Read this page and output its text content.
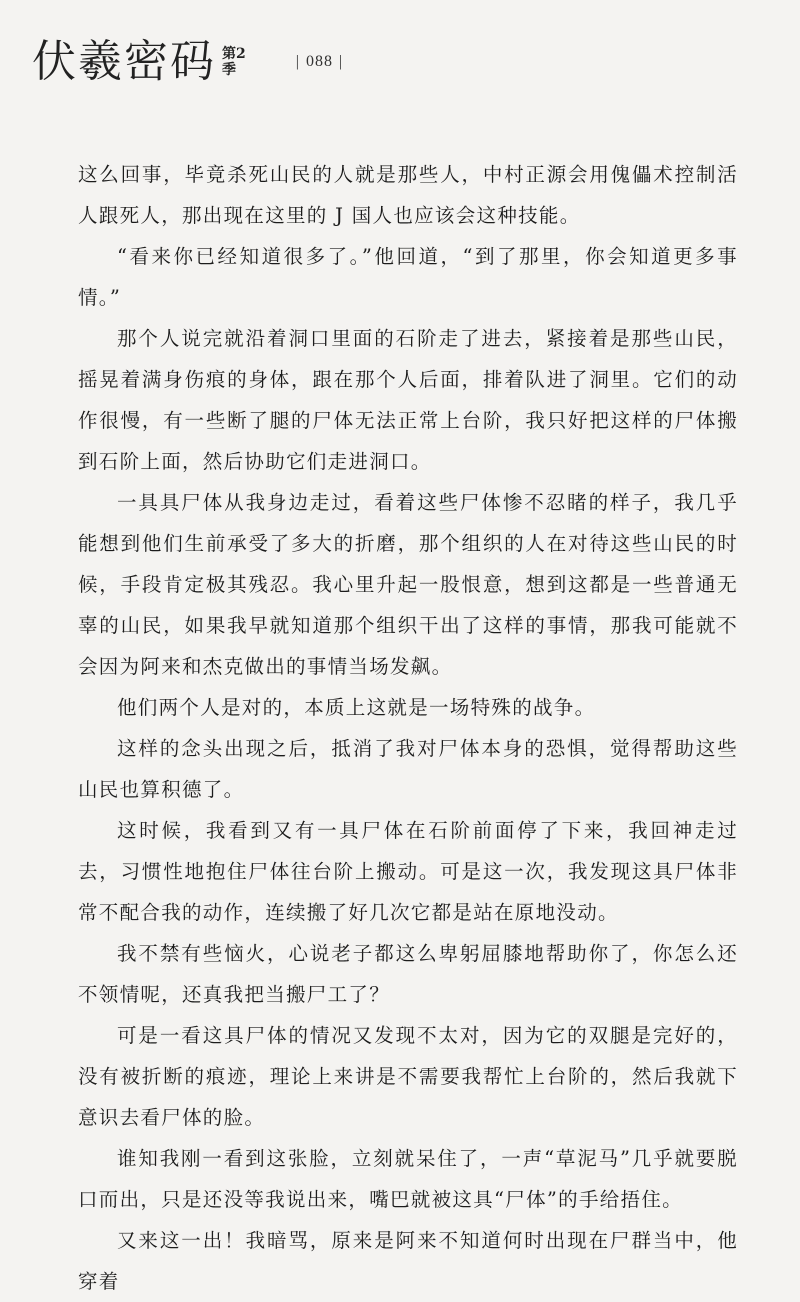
伏羲密码 第2
季	| 088 |

这么回事，毕竟杀死山民的人就是那些人，中村正源会用傀儡术控制活人跟死人，那出现在这里的 J 国人也应该会这种技能。

“看来你已经知道很多了。”他回道，“到了那里，你会知道更多事情。”

那个人说完就沿着洞口里面的石阶走了进去，紧接着是那些山民，摇晃着满身伤痕的身体，跟在那个人后面，排着队进了洞里。它们的动作很慢，有一些断了腿的尸体无法正常上台阶，我只好把这样的尸体搬到石阶上面，然后协助它们走进洞口。

一具具尸体从我身边走过，看着这些尸体惨不忍睹的样子，我几乎能想到他们生前承受了多大的折磨，那个组织的人在对待这些山民的时候，手段肯定极其残忍。我心里升起一股恨意，想到这都是一些普通无辜的山民，如果我早就知道那个组织干出了这样的事情，那我可能就不会因为阿来和杰克做出的事情当场发飙。

他们两个人是对的，本质上这就是一场特殊的战争。

这样的念头出现之后，抵消了我对尸体本身的恐惧，觉得帮助这些山民也算积德了。

这时候，我看到又有一具尸体在石阶前面停了下来，我回神走过去，习惯性地抱住尸体往台阶上搬动。可是这一次，我发现这具尸体非常不配合我的动作，连续搬了好几次它都是站在原地没动。

我不禁有些恼火，心说老子都这么卑躬屈膝地帮助你了，你怎么还不领情呢，还真我把当搬尸工了？

可是一看这具尸体的情况又发现不太对，因为它的双腿是完好的，没有被折断的痕迹，理论上来讲是不需要我帮忙上台阶的，然后我就下意识去看尸体的脸。

谁知我刚一看到这张脸，立刻就呆住了，一声“草泥马”几乎就要脱口而出，只是还没等我说出来，嘴巴就被这具“尸体”的手给捂住。

又来这一出！我暗骂，原来是阿来不知道何时出现在尸群当中，他穿着
